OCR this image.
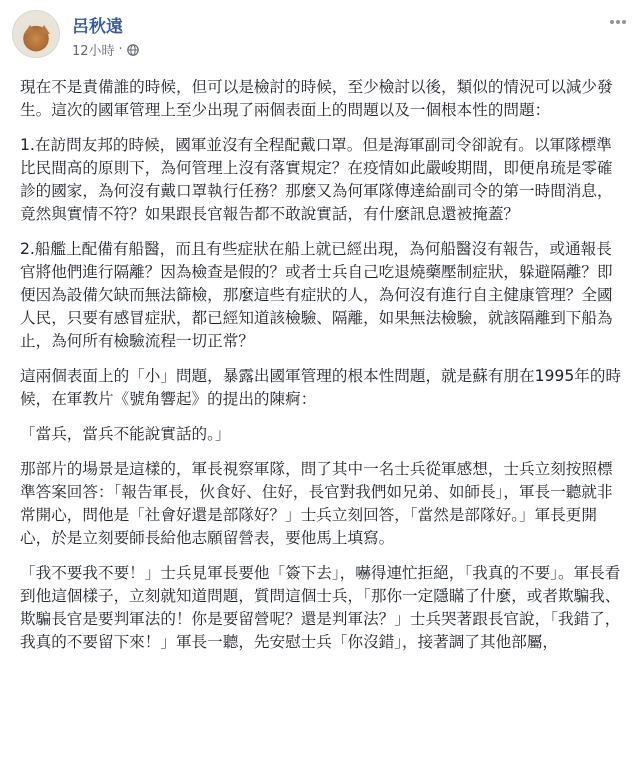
呂秋遠
12小時 ·

現在不是責備誰的時候，但可以是檢討的時候，至少檢討以後，類似的情況可以減少發生。這次的國軍管理上至少出現了兩個表面上的問題以及一個根本性的問題：

1.在訪問友邦的時候，國軍並沒有全程配戴口罩。但是海軍副司令卻說有。以軍隊標準比民間高的原則下，為何管理上沒有落實規定？在疫情如此嚴峻期間，即便帛琉是零確診的國家，為何沒有戴口罩執行任務？那麼又為何軍隊傳達給副司令的第一時間消息，竟然與實情不符？如果跟長官報告都不敢說實話，有什麼訊息還被掩蓋？

2.船艦上配備有船醫，而且有些症狀在船上就已經出現，為何船醫沒有報告，或通報長官將他們進行隔離？因為檢查是假的？或者士兵自己吃退燒藥壓制症狀，躲避隔離？即便因為設備欠缺而無法篩檢，那麼這些有症狀的人，為何沒有進行自主健康管理？全國人民，只要有感冒症狀，都已經知道該檢驗、隔離，如果無法檢驗，就該隔離到下船為止，為何所有檢驗流程一切正常？

這兩個表面上的「小」問題，暴露出國軍管理的根本性問題，就是蘇有朋在1995年的時候，在軍教片《號角響起》的提出的陳痾：

「當兵，當兵不能說實話的。」

那部片的場景是這樣的，軍長視察軍隊，問了其中一名士兵從軍感想，士兵立刻按照標準答案回答：「報告軍長，伙食好、住好，長官對我們如兄弟、如師長」，軍長一聽就非常開心，問他是「社會好還是部隊好？」士兵立刻回答，「當然是部隊好。」軍長更開心，於是立刻要師長給他志願留營表，要他馬上填寫。

「我不要我不要！」士兵見軍長要他「簽下去」，嚇得連忙拒絕，「我真的不要」。軍長看到他這個樣子，立刻就知道問題，質問這個士兵，「那你一定隱瞞了什麼，或者欺騙我、欺騙長官是要判軍法的！你是要留營呢？還是判軍法？」士兵哭著跟長官說，「我錯了，我真的不要留下來！」軍長一聽，先安慰士兵「你沒錯」，接著調了其他部屬，
